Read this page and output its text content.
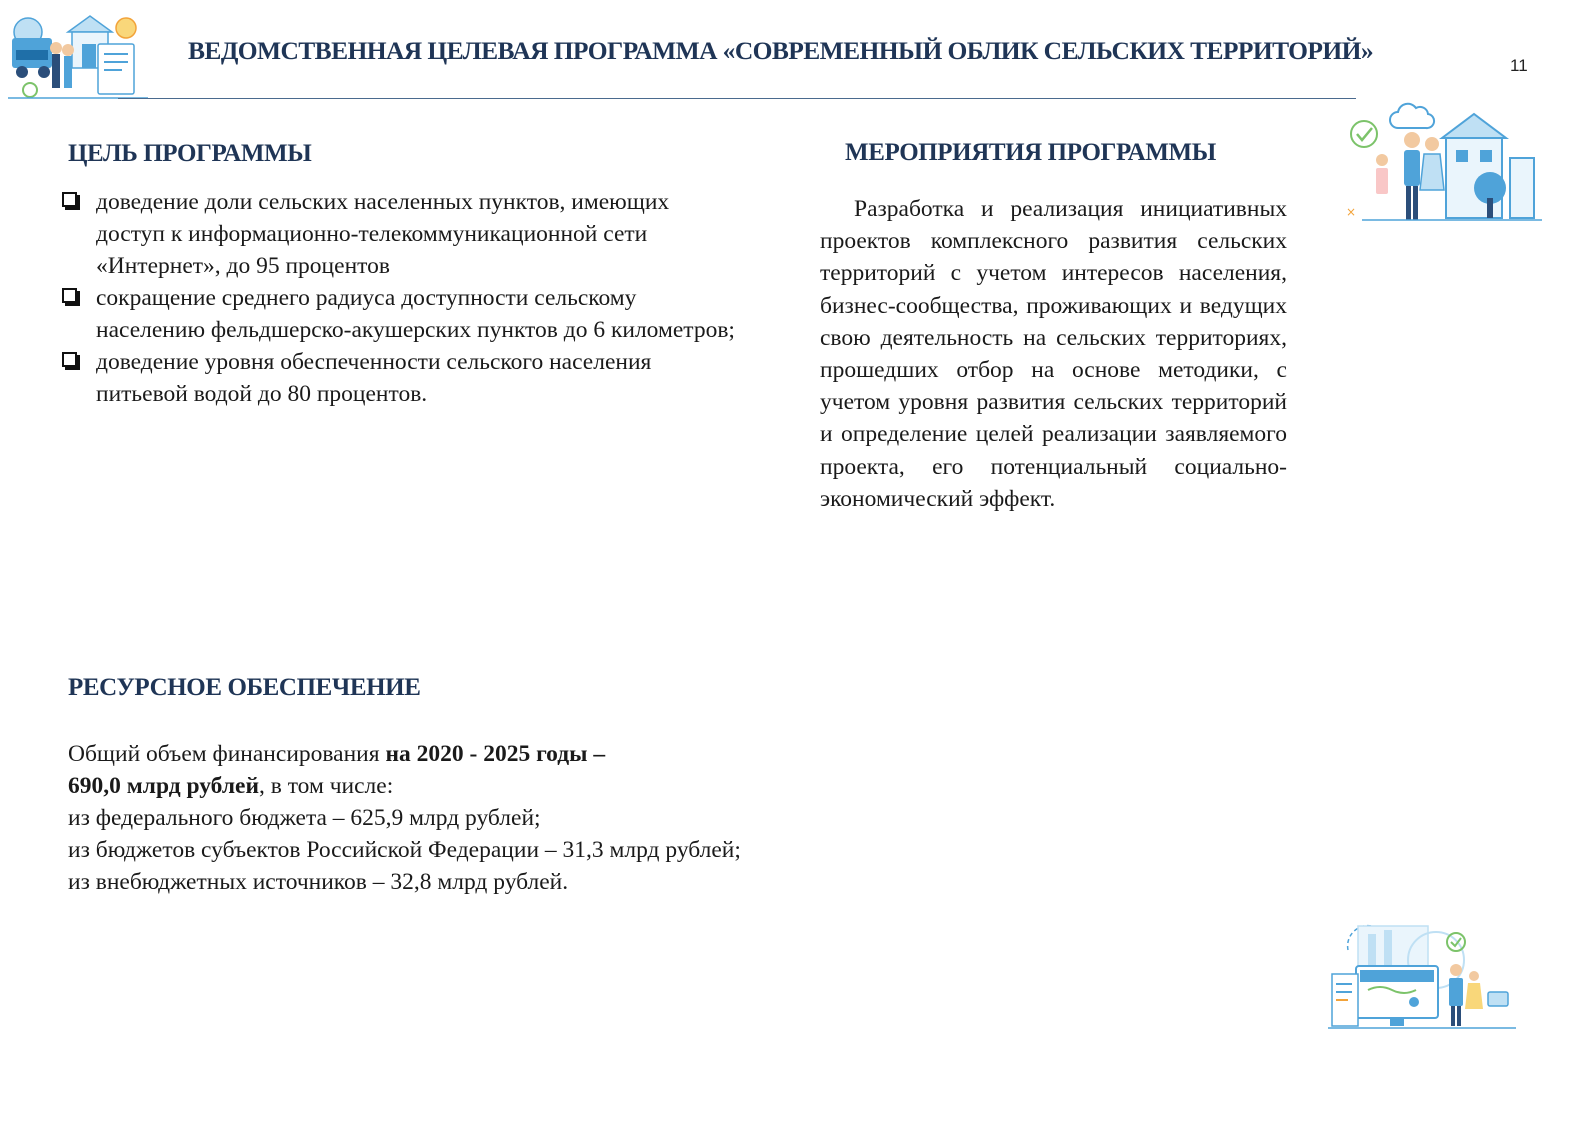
ВЕДОМСТВЕННАЯ ЦЕЛЕВАЯ ПРОГРАММА «СОВРЕМЕННЫЙ ОБЛИК СЕЛЬСКИХ ТЕРРИТОРИЙ»
11
×
ЦЕЛЬ ПРОГРАММЫ
доведение доли сельских населенных пунктов, имеющих доступ к информационно-телекоммуникационной сети «Интернет», до 95 процентов
сокращение среднего радиуса доступности сельскому населению фельдшерско-акушерских пунктов до 6 километров;
доведение уровня обеспеченности сельского населения питьевой водой до 80 процентов.
МЕРОПРИЯТИЯ ПРОГРАММЫ

Разработка и реализация инициативных проектов комплексного развития сельских территорий с учетом интересов населения, бизнес-сообщества, проживающих и ведущих свою деятельность на сельских территориях, прошедших отбор на основе методики, с учетом уровня развития сельских территорий и определение целей реализации заявляемого проекта, его потенциальный социально-экономический эффект.

РЕСУРСНОЕ ОБЕСПЕЧЕНИЕ
Общий объем финансирования на 2020 - 2025 годы –
690,0 млрд рублей, в том числе:
из федерального бюджета – 625,9 млрд рублей;
из бюджетов субъектов Российской Федерации – 31,3 млрд рублей;
из внебюджетных источников – 32,8 млрд рублей.
